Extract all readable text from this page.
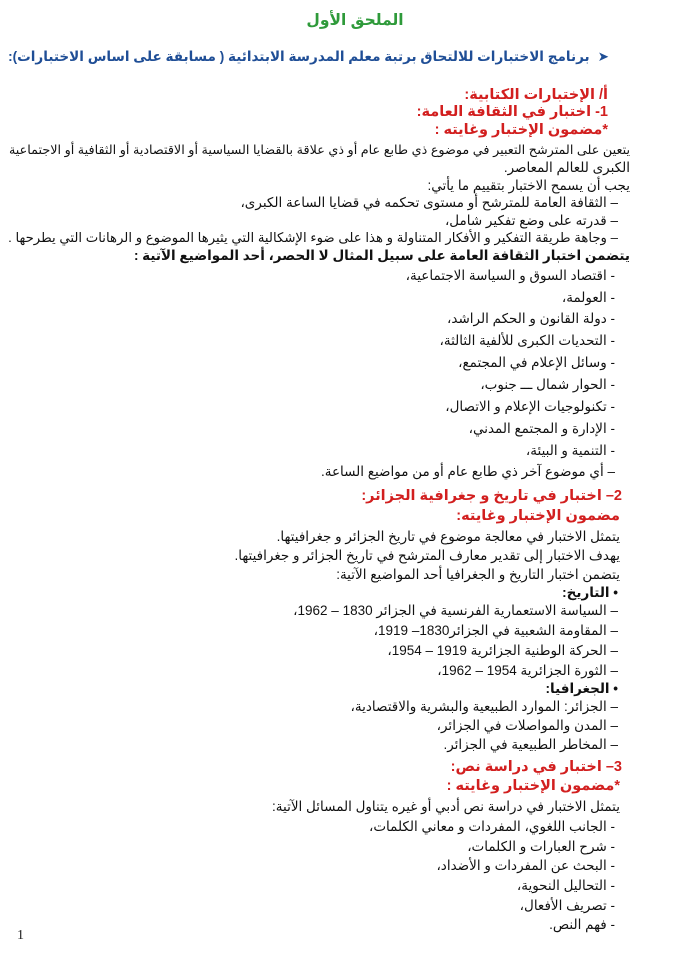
الملحق الأول
➤برنامج الاختبارات للالتحاق برتبة معلم المدرسة الابتدائية ( مسابقة على اساس الاختبارات):
أ/ الإختبارات الكتابية:
1- اختبار في الثقافة العامة:
*مضمون الإختبار وغايته :
يتعين على المترشح التعبير في موضوع ذي طابع عام أو ذي علاقة بالقضايا السياسية أو الاقتصادية أو الثقافية أو الاجتماعية
الكبرى للعالم المعاصر.
يجب أن يسمح الاختبار بتقييم ما يأتي:
– الثقافة العامة للمترشح أو مستوى تحكمه في قضايا الساعة الكبرى،
– قدرته على وضع تفكير شامل،
– وجاهة طريقة التفكير و الأفكار المتناولة و هذا على ضوء الإشكالية التي يثيرها الموضوع و الرهانات التي يطرحها .
يتضمن اختبار الثقافة العامة على سبيل المثال لا الحصر، أحد المواضيع الآتية :
- اقتصاد السوق و السياسة الاجتماعية،
- العولمة،
- دولة القانون و الحكم الراشد،
- التحديات الكبرى للألفية الثالثة،
- وسائل الإعلام في المجتمع،
- الحوار شمال ـــ جنوب،
- تكنولوجيات الإعلام و الاتصال،
- الإدارة و المجتمع المدني،
- التنمية و البيئة،
– أي موضوع آخر ذي طابع عام أو من مواضيع الساعة.
2– اختبار في تاريخ و جغرافية الجزائر:
مضمون الإختبار وغايته:
يتمثل الاختبار في معالجة موضوع في تاريخ الجزائر و جغرافيتها.
يهدف الاختبار إلى تقدير معارف المترشح في تاريخ الجزائر و جغرافيتها.
يتضمن اختبار التاريخ و الجغرافيا أحد المواضيع الآتية:
• التاريخ:
– السياسة الاستعمارية الفرنسية في الجزائر 1830 – 1962،
– المقاومة الشعبية في الجزائر1830– 1919،
– الحركة الوطنية الجزائرية 1919 – 1954،
– الثورة الجزائرية 1954 – 1962،
• الجغرافيا:
– الجزائر: الموارد الطبيعية والبشرية والاقتصادية،
– المدن والمواصلات في الجزائر،
– المخاطر الطبيعية في الجزائر.
3– اختبار في دراسة نص:
*مضمون الإختبار وغايته :
يتمثل الاختبار في دراسة نص أدبي أو غيره يتناول المسائل الآتية:
- الجانب اللغوي، المفردات و معاني الكلمات،
- شرح العبارات و الكلمات،
- البحث عن المفردات و الأضداد،
- التحاليل النحوية،
- تصريف الأفعال،
- فهم النص.
1
